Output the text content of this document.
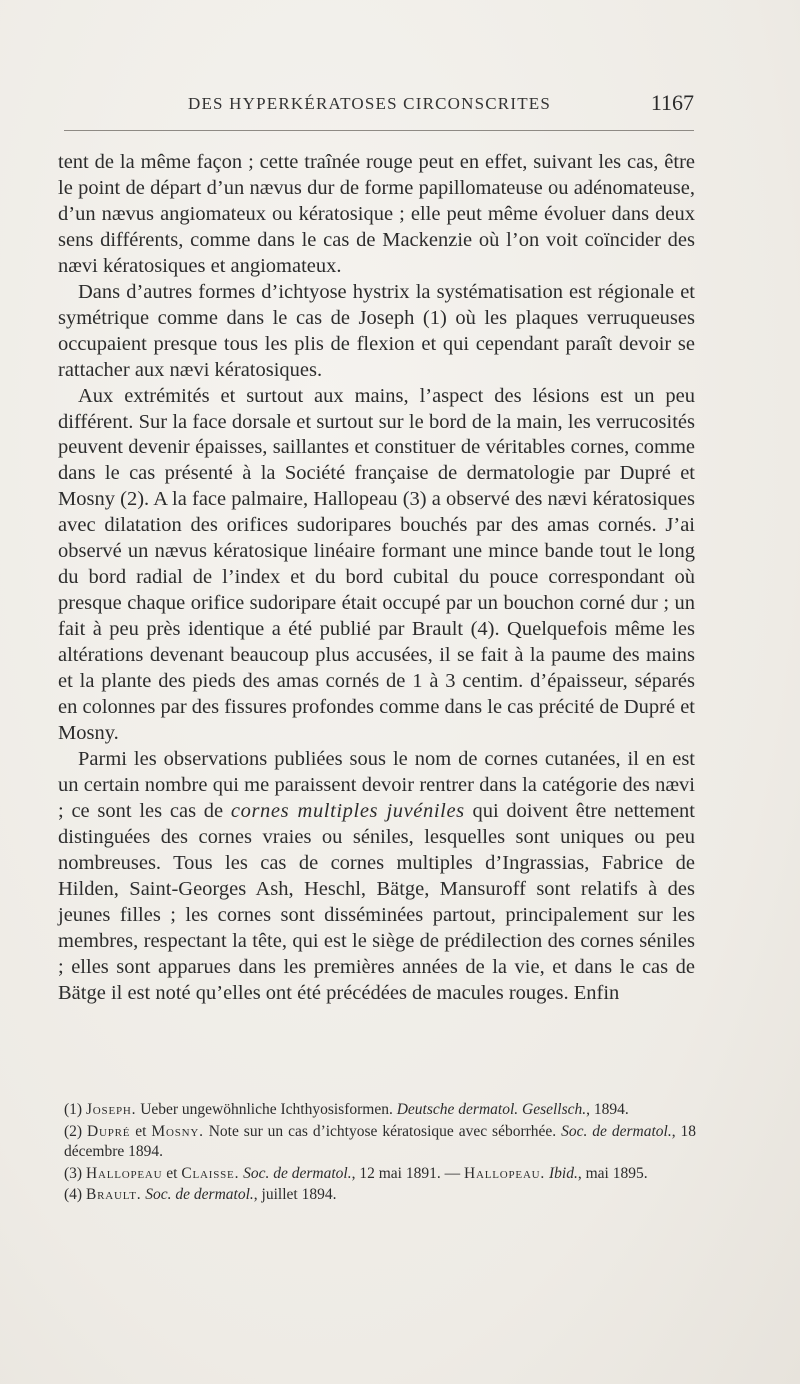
DES HYPERKÉRATOSES CIRCONSCRITES	1167

tent de la même façon ; cette traînée rouge peut en effet, suivant les cas, être le point de départ d’un nævus dur de forme papillomateuse ou adénomateuse, d’un nævus angiomateux ou kératosique ; elle peut même évoluer dans deux sens différents, comme dans le cas de Mackenzie où l’on voit coïncider des nævi kératosiques et angiomateux.

Dans d’autres formes d’ichtyose hystrix la systématisation est régionale et symétrique comme dans le cas de Joseph (1) où les plaques verruqueuses occupaient presque tous les plis de flexion et qui cependant paraît devoir se rattacher aux nævi kératosiques.

Aux extrémités et surtout aux mains, l’aspect des lésions est un peu différent. Sur la face dorsale et surtout sur le bord de la main, les verrucosités peuvent devenir épaisses, saillantes et constituer de véritables cornes, comme dans le cas présenté à la Société française de dermatologie par Dupré et Mosny (2). A la face palmaire, Hallopeau (3) a observé des nævi kératosiques avec dilatation des orifices sudoripares bouchés par des amas cornés. J’ai observé un nævus kératosique linéaire formant une mince bande tout le long du bord radial de l’index et du bord cubital du pouce correspondant où presque chaque orifice sudoripare était occupé par un bouchon corné dur ; un fait à peu près identique a été publié par Brault (4). Quelquefois même les altérations devenant beaucoup plus accusées, il se fait à la paume des mains et la plante des pieds des amas cornés de 1 à 3 centim. d’épaisseur, séparés en colonnes par des fissures profondes comme dans le cas précité de Dupré et Mosny.

Parmi les observations publiées sous le nom de cornes cutanées, il en est un certain nombre qui me paraissent devoir rentrer dans la catégorie des nævi ; ce sont les cas de cornes multiples juvéniles qui doivent être nettement distinguées des cornes vraies ou séniles, lesquelles sont uniques ou peu nombreuses. Tous les cas de cornes multiples d’Ingrassias, Fabrice de Hilden, Saint-Georges Ash, Heschl, Bätge, Mansuroff sont relatifs à des jeunes filles ; les cornes sont disséminées partout, principalement sur les membres, respectant la tête, qui est le siège de prédilection des cornes séniles ; elles sont apparues dans les premières années de la vie, et dans le cas de Bätge il est noté qu’elles ont été précédées de macules rouges. Enfin

(1) Joseph. Ueber ungewöhnliche Ichthyosisformen. Deutsche dermatol. Gesellsch., 1894.

(2) Dupré et Mosny. Note sur un cas d’ichtyose kératosique avec séborrhée. Soc. de dermatol., 18 décembre 1894.

(3) Hallopeau et Claisse. Soc. de dermatol., 12 mai 1891. — Hallopeau. Ibid., mai 1895.

(4) Brault. Soc. de dermatol., juillet 1894.
